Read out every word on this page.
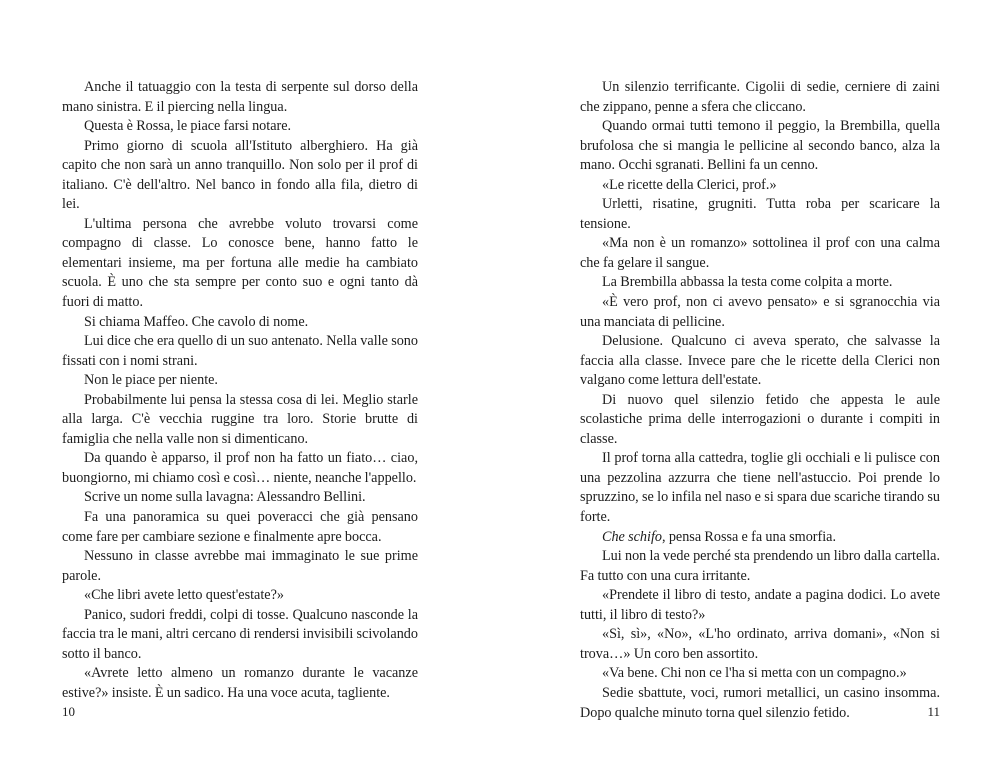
Anche il tatuaggio con la testa di serpente sul dorso della mano sinistra. E il piercing nella lingua.

Questa è Rossa, le piace farsi notare.

Primo giorno di scuola all'Istituto alberghiero. Ha già capito che non sarà un anno tranquillo. Non solo per il prof di italiano. C'è dell'altro. Nel banco in fondo alla fila, dietro di lei.

L'ultima persona che avrebbe voluto trovarsi come compagno di classe. Lo conosce bene, hanno fatto le elementari insieme, ma per fortuna alle medie ha cambiato scuola. È uno che sta sempre per conto suo e ogni tanto dà fuori di matto.

Si chiama Maffeo. Che cavolo di nome.

Lui dice che era quello di un suo antenato. Nella valle sono fissati con i nomi strani.

Non le piace per niente.

Probabilmente lui pensa la stessa cosa di lei. Meglio starle alla larga. C'è vecchia ruggine tra loro. Storie brutte di famiglia che nella valle non si dimenticano.

Da quando è apparso, il prof non ha fatto un fiato… ciao, buongiorno, mi chiamo così e così… niente, neanche l'appello.

Scrive un nome sulla lavagna: Alessandro Bellini.

Fa una panoramica su quei poveracci che già pensano come fare per cambiare sezione e finalmente apre bocca.

Nessuno in classe avrebbe mai immaginato le sue prime parole.

«Che libri avete letto quest'estate?»

Panico, sudori freddi, colpi di tosse. Qualcuno nasconde la faccia tra le mani, altri cercano di rendersi invisibili scivolando sotto il banco.

«Avrete letto almeno un romanzo durante le vacanze estive?» insiste. È un sadico. Ha una voce acuta, tagliente.

10

Un silenzio terrificante. Cigolii di sedie, cerniere di zaini che zippano, penne a sfera che cliccano.

Quando ormai tutti temono il peggio, la Brembilla, quella brufolosa che si mangia le pellicine al secondo banco, alza la mano. Occhi sgranati. Bellini fa un cenno.

«Le ricette della Clerici, prof.»

Urletti, risatine, grugniti. Tutta roba per scaricare la tensione.

«Ma non è un romanzo» sottolinea il prof con una calma che fa gelare il sangue.

La Brembilla abbassa la testa come colpita a morte.

«È vero prof, non ci avevo pensato» e si sgranocchia via una manciata di pellicine.

Delusione. Qualcuno ci aveva sperato, che salvasse la faccia alla classe. Invece pare che le ricette della Clerici non valgano come lettura dell'estate.

Di nuovo quel silenzio fetido che appesta le aule scolastiche prima delle interrogazioni o durante i compiti in classe.

Il prof torna alla cattedra, toglie gli occhiali e li pulisce con una pezzolina azzurra che tiene nell'astuccio. Poi prende lo spruzzino, se lo infila nel naso e si spara due scariche tirando su forte.

Che schifo, pensa Rossa e fa una smorfia.

Lui non la vede perché sta prendendo un libro dalla cartella. Fa tutto con una cura irritante.

«Prendete il libro di testo, andate a pagina dodici. Lo avete tutti, il libro di testo?»

«Sì, sì», «No», «L'ho ordinato, arriva domani», «Non si trova…» Un coro ben assortito.

«Va bene. Chi non ce l'ha si metta con un compagno.»

Sedie sbattute, voci, rumori metallici, un casino insomma. Dopo qualche minuto torna quel silenzio fetido.	11
